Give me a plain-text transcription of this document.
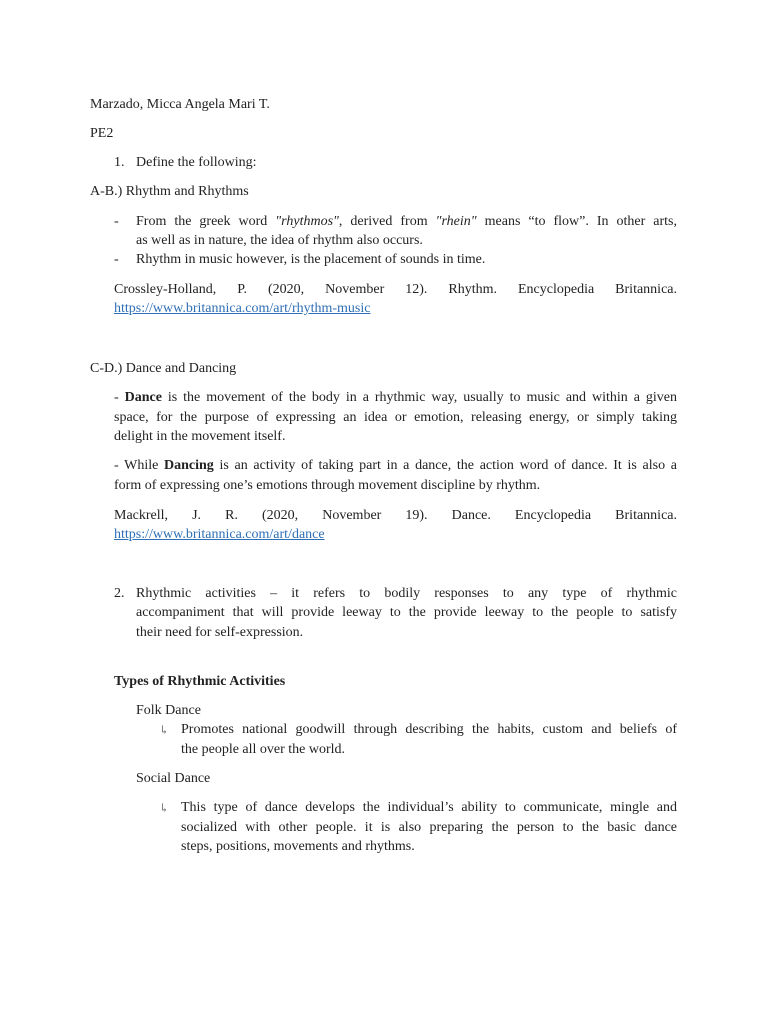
Marzado, Micca Angela Mari T.
PE2
1. Define the following:
A-B.) Rhythm and Rhythms
- From the greek word "rhythmos", derived from "rhein" means “to flow”. In other arts,
as well as in nature, the idea of rhythm also occurs.
- Rhythm in music however, is the placement of sounds in time.
Crossley-Holland, P. (2020, November 12). Rhythm. Encyclopedia Britannica.
https://www.britannica.com/art/rhythm-music
C-D.) Dance and Dancing
- Dance is the movement of the body in a rhythmic way, usually to music and within a given
space, for the purpose of expressing an idea or emotion, releasing energy, or simply taking
delight in the movement itself.
- While Dancing is an activity of taking part in a dance, the action word of dance. It is also a
form of expressing one’s emotions through movement discipline by rhythm.
Mackrell, J. R. (2020, November 19). Dance. Encyclopedia Britannica.
https://www.britannica.com/art/dance
2. Rhythmic activities – it refers to bodily responses to any type of rhythmic
accompaniment that will provide leeway to the provide leeway to the people to satisfy
their need for self-expression.
Types of Rhythmic Activities
Folk Dance
↳ Promotes national goodwill through describing the habits, custom and beliefs of
the people all over the world.
Social Dance
↳ This type of dance develops the individual’s ability to communicate, mingle and
socialized with other people. it is also preparing the person to the basic dance
steps, positions, movements and rhythms.
